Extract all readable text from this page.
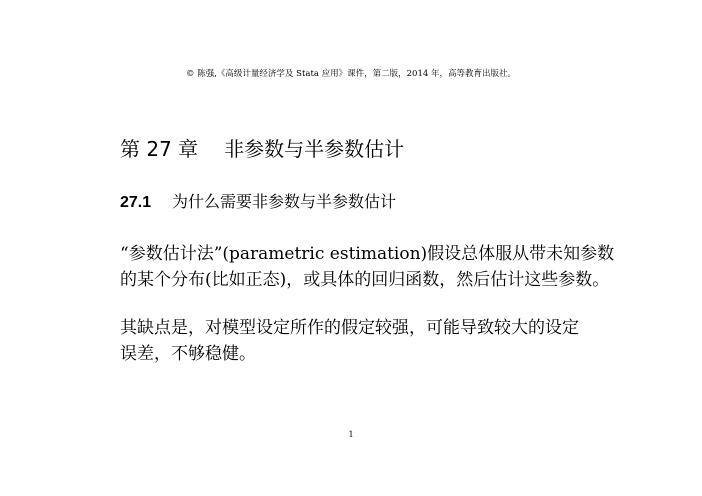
© 陈强,《高级计量经济学及 Stata 应用》课件，第二版，2014 年，高等教育出版社。
第 27 章 非参数与半参数估计
27.1 为什么需要非参数与半参数估计

“参数估计法”(parametric estimation)假设总体服从带未知参数
的某个分布(比如正态)，或具体的回归函数，然后估计这些参数。

其缺点是，对模型设定所作的假定较强，可能导致较大的设定
误差，不够稳健。

1
